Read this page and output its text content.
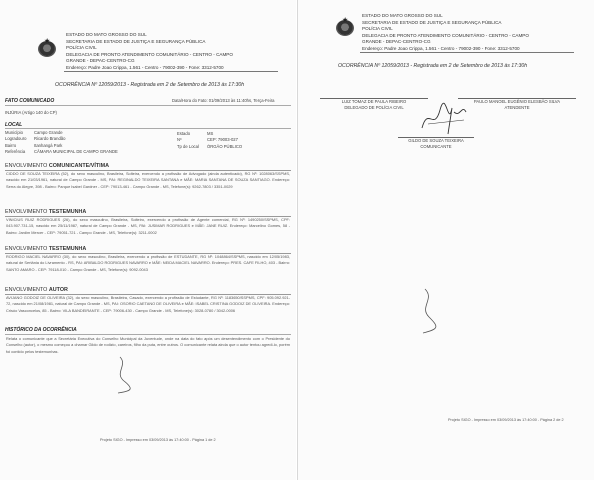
★
ESTADO DO MATO GROSSO DO SUL
SECRETARIA DE ESTADO DE JUSTIÇA E SEGURANÇA PÚBLICA
POLÍCIA CIVIL
DELEGACIA DE PRONTO ATENDIMENTO COMUNITÁRIO - CENTRO - CAMPO
GRANDE - DEPAC-CENTRO-CG
Endereço: Padre Joao Crippa, 1.561 - Centro - 79002-390 - Fone: 3312-5700
OCORRÊNCIA Nº 12059/2013 - Registrada em 2 de Setembro de 2013 às 17:30h
FATO COMUNICADO	Data/Hora do Fato: 01/09/2013 às 11:40hs, Terça-Feira
INJÚRIA (Artigo 140 do CP)
LOCAL
Município
Logradouro
Bairro
Referência
Campo Grande
Ricardo Brandão
Itanhangá Park
CÂMARA MUNICIPAL DE CAMPO GRANDE
Estado
Nº
Tp de Local
MS
CEP: 79003-027
ÓRGÃO PÚBLICO
ENVOLVIMENTO COMUNICANTE/VÍTIMA
CIDDO DE SOUZA TEIXEIRA (52), do sexo masculino, Brasileira, Solteira, exercendo a profissão de Advogado (ainda autenticado), RG Nº: 1028063/SSPMS, nascido em 21/03/1961, natural de Campo Grande - MS, PAI: REGINALDO TEIXEIRA SANTANA e MÃE: MARIA SANTANA DE SOUZA SANTIAGO. Endereço: Serra do Alegre, 398 - Bairro: Parque Isabel Gardner - CEP: 79013-461 - Campo Grande - MS, Telefone(s): 9262-7803 / 3351-0029
ENVOLVIMENTO TESTEMUNHA
VINICIUS RUIZ RODRIGUES (26), do sexo masculino, Brasileira, Solteiro, exercendo a profissão de Agente comercial, RG Nº: 1490250/SSPMS, CPF: 043.907.731-15, nascido em 25/11/1987, natural de Campo Grande - MS, PAI: JUSIMAR RODRIGUES e MÃE: JANE RUIZ. Endereço: Marcelino Gomes, 58 - Bairro: Jardim Mercer - CEP: 79051-721 - Campo Grande - MS, Telefone(s): 3211-0002
ENVOLVIMENTO TESTEMUNHA
RODRIGO MACIEL NAVARRO (30), do sexo masculino, Brasileira, exercendo a profissão de ESTUDANTE, RG Nº: 1048864/SSPMS, nascido em 12/05/1983, natural de Sertânia do Livramento - RS, PAI: ARIBALDO RODRIGUES NAVARRO e MÃE: NEIDA MACIEL NAVARRO. Endereço: PRES. CAFE FILHO, 403 - Bairro: SANTO AMARO - CEP: 79118-010 - Campo Grande - MS, Telefone(s): 9092-0043
ENVOLVIMENTO AUTOR
AVIJANO GODOIZ DE OLIVEIRA (32), do sexo masculino, Brasileira, Casado, exercendo a profissão de Estudante, RG Nº: 1183650/SSPMS, CPF: 905.092.921-72, nascido em 21/08/1981, natural de Campo Grande - MS, PAI: OSORIO CAETANO DE OLIVEIRA e MÃE: ISABEL CRISTINA GODOIZ DE OLIVEIRA. Endereço: Crisóo Vasconcelos, 85 - Bairro: VILA BANDEIRANTE - CEP: 79006-430 - Campo Grande - MS, Telefone(s): 3028-0780 / 3042-0006
HISTÓRICO DA OCORRÊNCIA
Relata o comunicante que a Secretária Executiva do Conselho Municipal da Juventude, onde na data do fato após um desentendimento com o Presidente do Conselho (autor), o mesmo começou a chamar Gildo de rodizio, careiros, filho da puta, entre outros. O comunicante relata ainda que o autor tentou agredi-lo, porém foi contido pelos testemunhas.
Projeto SIGO - Impresso em 03/09/2013 às 17:40:00 - Página 1 de 2
★
ESTADO DO MATO GROSSO DO SUL
SECRETARIA DE ESTADO DE JUSTIÇA E SEGURANÇA PÚBLICA
POLÍCIA CIVIL
DELEGACIA DE PRONTO ATENDIMENTO COMUNITÁRIO - CENTRO - CAMPO
GRANDE - DEPAC-CENTRO-CG
Endereço: Padre Joao Crippa, 1.561 - Centro - 79002-390 - Fone: 3312-5700
OCORRÊNCIA Nº 12059/2013 - Registrada em 2 de Setembro de 2013 às 17:30h
LUIZ TOMAZ DE PAULA RIBEIRO
DELEGADO DE POLÍCIA CIVIL
PAULO MANOEL EUGÊNIO ELESBÃO SILVA
ATENDENTE
GILDO DE SOUZA TEIXEIRA
COMUNICANTE
Projeto SIGO - Impresso em 03/09/2013 às 17:40:00 - Página 2 de 2
